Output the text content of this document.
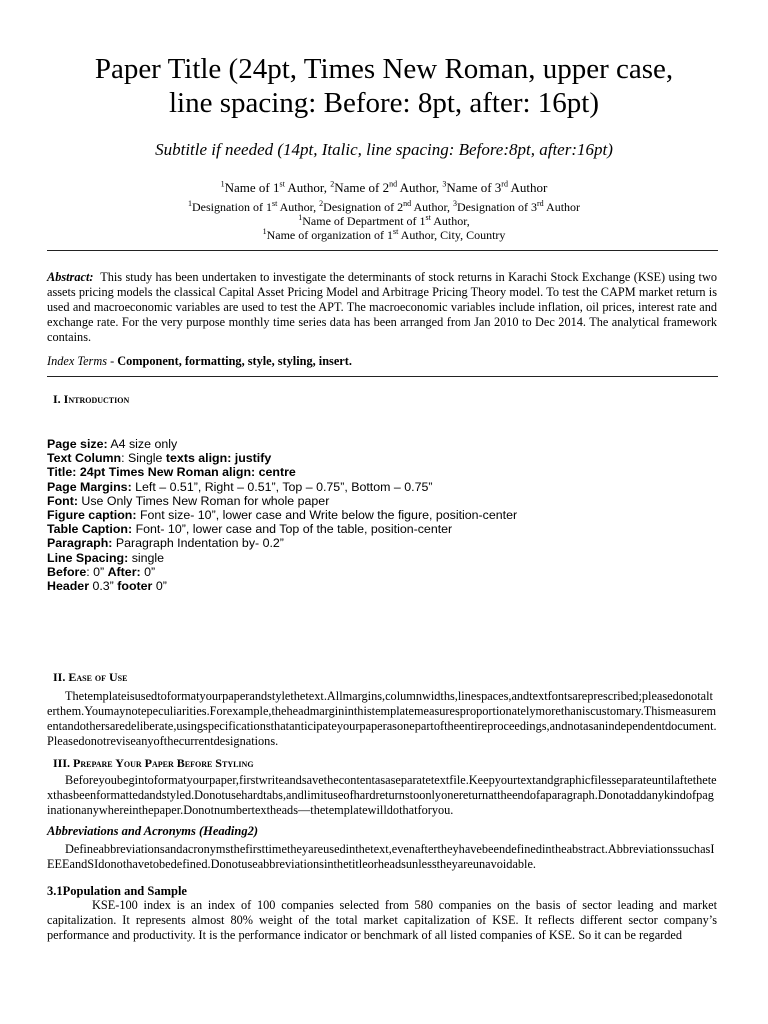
Paper Title (24pt, Times New Roman, upper case,
line spacing: Before: 8pt, after: 16pt)
Subtitle if needed (14pt, Italic, line spacing: Before:8pt, after:16pt)
$^1$Name of 1st Author, $^2$Name of 2nd Author, $^3$Name of 3rd Author
$^1$Designation of 1st Author, $^2$Designation of 2nd Author, $^3$Designation of 3rd Author
$^1$Name of Department of 1st Author,
$^1$Name of organization of 1st Author, City, Country
Abstract: This study has been undertaken to investigate the determinants of stock returns in Karachi Stock Exchange (KSE) using two assets pricing models the classical Capital Asset Pricing Model and Arbitrage Pricing Theory model. To test the CAPM market return is used and macroeconomic variables are used to test the APT. The macroeconomic variables include inflation, oil prices, interest rate and exchange rate. For the very purpose monthly time series data has been arranged from Jan 2010 to Dec 2014. The analytical framework contains.
Index Terms - Component, formatting, style, styling, insert.
I. Introduction
Page size: A4 size only
Text Column: Single texts align: justify
Title: 24pt Times New Roman align: centre
Page Margins: Left – 0.51”, Right – 0.51”, Top – 0.75”, Bottom – 0.75”
Font: Use Only Times New Roman for whole paper
Figure caption: Font size- 10”, lower case and Write below the figure, position-center
Table Caption: Font- 10”, lower case and Top of the table, position-center
Paragraph: Paragraph Indentation by- 0.2”
Line Spacing: single
Before: 0” After: 0”
Header 0.3” footer 0”
II. Ease of Use
Thetemplateisusedtoformatyourpaperandstylethetext.Allmargins,columnwidths,linespaces,andtextfontsareprescribed;pleasedonotalterthem.Youmaynotepeculiarities.Forexample,theheadmargininthistemplatemeasuresproportionatelymorethaniscustomary.Thismeasurementandothersaredeliberate,usingspecificationsthatanticipateyourpaperasonepartoftheentireproceedings,andnotasanindependentdocument.Pleasedonotreviseanyofthecurrentdesignations.
III. Prepare Your Paper Before Styling
Beforeyoubegintoformatyourpaper,firstwriteandsavethecontentasaseparatetextfile.Keepyourtextandgraphicfilesseparateuntilaftethetexthasbeenformattedandstyled.Donotusehardtabs,andlimituseofhardreturnstoonlyonereturnattheendofaparagraph.Donotaddanykindofpaginationanywhereinthepaper.Donotnumbertextheads—thetemplatewilldothatforyou.
Abbreviations and Acronyms (Heading2)
Defineabbreviationsandacronymsthefirsttimetheyareusedinthetext,evenaftertheyhavebeendefinedintheabstract.AbbreviationssuchasIEEEandSIdonothavetobedefined.Donotuseabbreviationsinthetitleorheadsunlesstheyareunavoidable.
3.1Population and Sample
KSE-100 index is an index of 100 companies selected from 580 companies on the basis of sector leading and market capitalization. It represents almost 80% weight of the total market capitalization of KSE. It reflects different sector company’s performance and productivity. It is the performance indicator or benchmark of all listed companies of KSE. So it can be regarded
